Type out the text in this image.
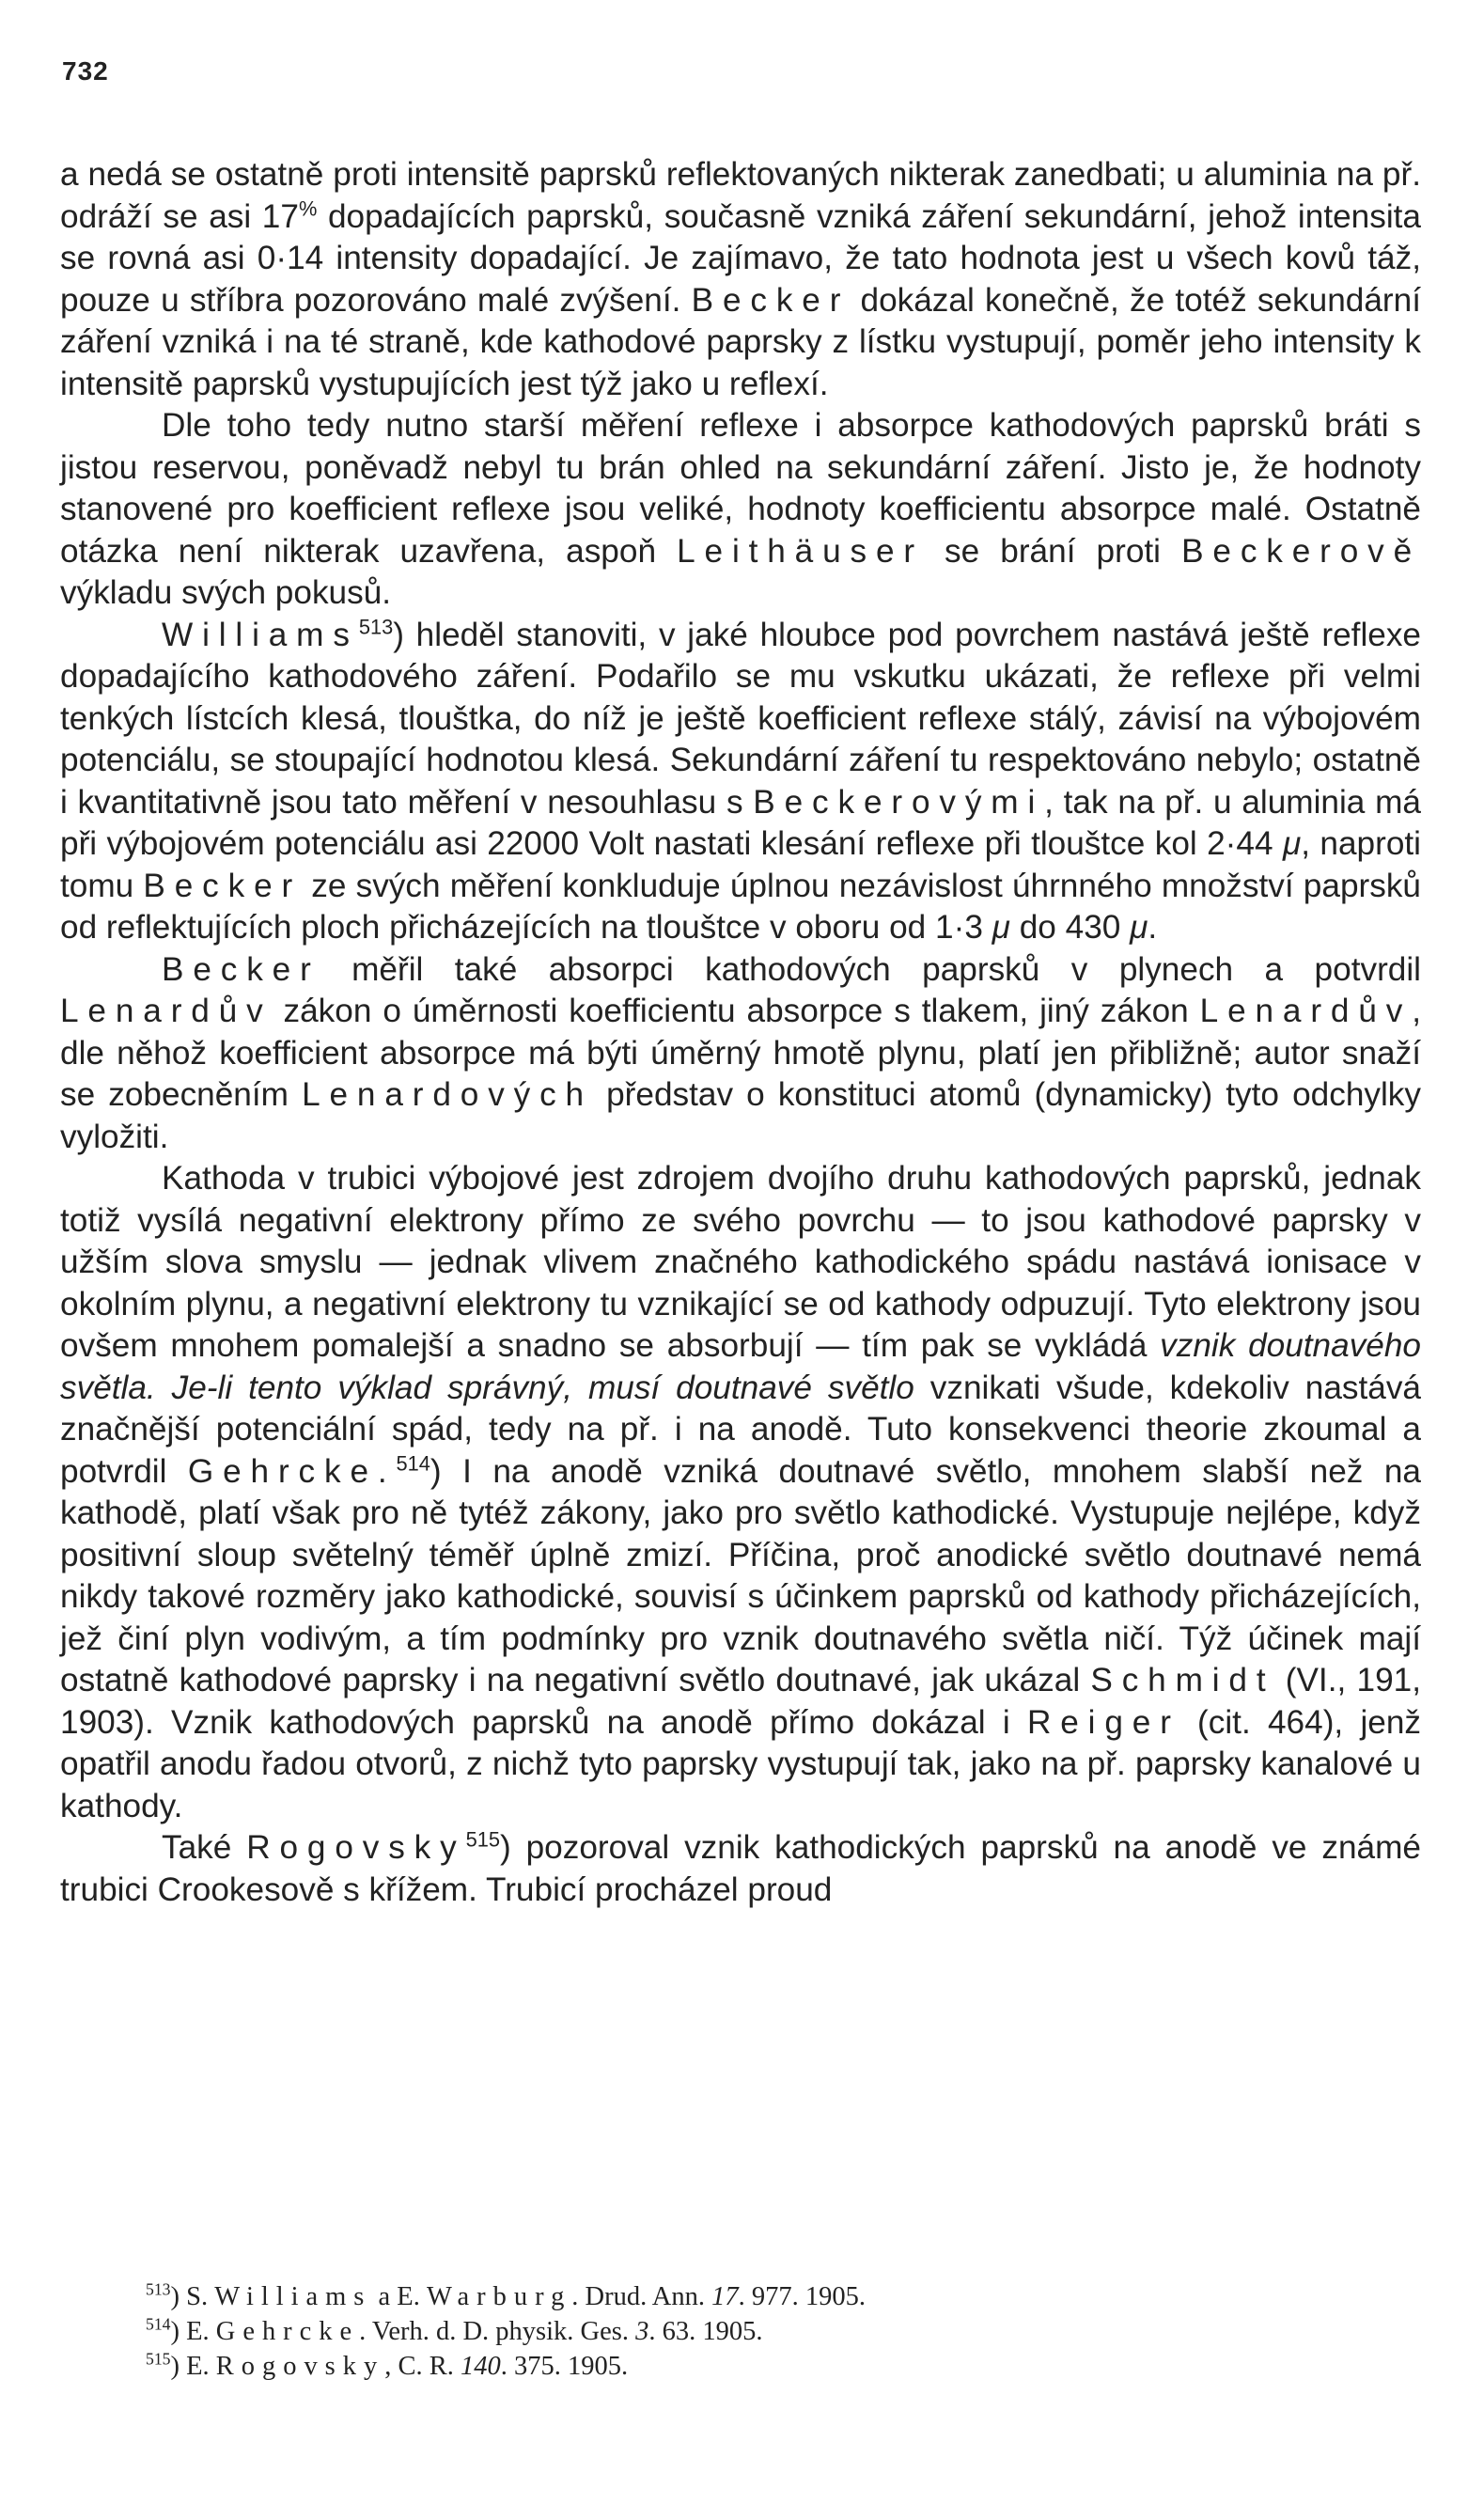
732

a nedá se ostatně proti intensitě paprsků reflektovaných nikterak zanedbati; u aluminia na př. odráží se asi 17% dopadajících paprsků, současně vzniká záření sekundární, jehož intensita se rovná asi 0·14 intensity dopadající. Je zajímavo, že tato hodnota jest u všech kovů táž, pouze u stříbra pozorováno malé zvýšení. Becker dokázal konečně, že totéž sekundární záření vzniká i na té straně, kde kathodové paprsky z lístku vystupují, poměr jeho intensity k intensitě paprsků vystupujících jest týž jako u reflexí.

Dle toho tedy nutno starší měření reflexe i absorpce kathodových paprsků bráti s jistou reservou, poněvadž nebyl tu brán ohled na sekundární záření. Jisto je, že hodnoty stanovené pro koefficient reflexe jsou veliké, hodnoty koefficientu absorpce malé. Ostatně otázka není nikterak uzavřena, aspoň Leithäuser se brání proti Beckerově výkladu svých pokusů.

Williams$^{513}$) hleděl stanoviti, v jaké hloubce pod povrchem nastává ještě reflexe dopadajícího kathodového záření. Podařilo se mu vskutku ukázati, že reflexe při velmi tenkých lístcích klesá, tlouštka, do níž je ještě koefficient reflexe stálý, závisí na výbojovém potenciálu, se stoupající hodnotou klesá. Sekundární záření tu respektováno nebylo; ostatně i kvantitativně jsou tato měření v nesouhlasu s Beckerovými, tak na př. u aluminia má při výbojovém potenciálu asi 22000 Volt nastati klesání reflexe při tlouštce kol 2·44 μ, naproti tomu Becker ze svých měření konkluduje úplnou nezávislost úhrnného množství paprsků od reflektujících ploch přicházejících na tlouštce v oboru od 1·3 μ do 430 μ.

Becker měřil také absorpci kathodových paprsků v plynech a potvrdil Lenardův zákon o úměrnosti koefficientu absorpce s tlakem, jiný zákon Lenardův, dle něhož koefficient absorpce má býti úměrný hmotě plynu, platí jen přibližně; autor snaží se zobecněním Lenardových představ o konstituci atomů (dynamicky) tyto odchylky vyložiti.

Kathoda v trubici výbojové jest zdrojem dvojího druhu kathodových paprsků, jednak totiž vysílá negativní elektrony přímo ze svého povrchu — to jsou kathodové paprsky v užším slova smyslu — jednak vlivem značného kathodického spádu nastává ionisace v okolním plynu, a negativní elektrony tu vznikající se od kathody odpuzují. Tyto elektrony jsou ovšem mnohem pomalejší a snadno se absorbují — tím pak se vykládá vznik doutnavého světla. Je-li tento výklad správný, musí doutnavé světlo vznikati všude, kdekoliv nastává značnější potenciální spád, tedy na př. i na anodě. Tuto konsekvenci theorie zkoumal a potvrdil Gehrcke.$^{514}$) I na anodě vzniká doutnavé světlo, mnohem slabší než na kathodě, platí však pro ně tytéž zákony, jako pro světlo kathodické. Vystupuje nejlépe, když positivní sloup světelný téměř úplně zmizí. Příčina, proč anodické světlo doutnavé nemá nikdy takové rozměry jako kathodické, souvisí s účinkem paprsků od kathody přicházejících, jež činí plyn vodivým, a tím podmínky pro vznik doutnavého světla ničí. Týž účinek mají ostatně kathodové paprsky i na negativní světlo doutnavé, jak ukázal Schmidt (VI., 191, 1903). Vznik kathodových paprsků na anodě přímo dokázal i Reiger (cit. 464), jenž opatřil anodu řadou otvorů, z nichž tyto paprsky vystupují tak, jako na př. paprsky kanalové u kathody.

Také Rogovsky$^{515}$) pozoroval vznik kathodických paprsků na anodě ve známé trubici Crookesově s křížem. Trubicí procházel proud

$^{513}$) S. Williams a E. Warburg. Drud. Ann. 17. 977. 1905.

$^{514}$) E. Gehrcke. Verh. d. D. physik. Ges. 3. 63. 1905.

$^{515}$) E. Rogovsky, C. R. 140. 375. 1905.
